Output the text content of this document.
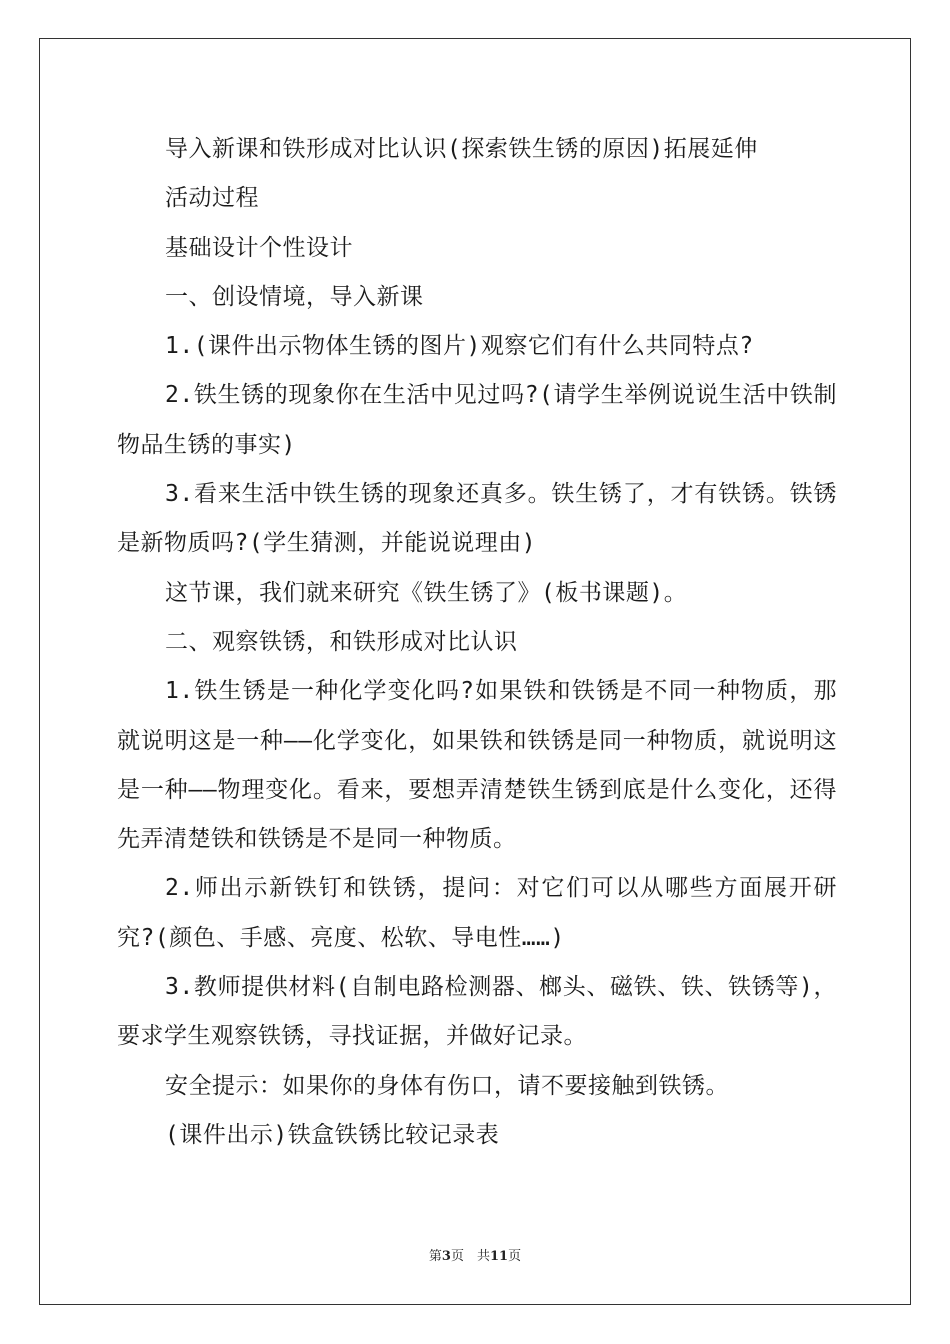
导入新课和铁形成对比认识(探索铁生锈的原因)拓展延伸

活动过程

基础设计个性设计

一、创设情境，导入新课

1.(课件出示物体生锈的图片)观察它们有什么共同特点?

2.铁生锈的现象你在生活中见过吗?(请学生举例说说生活中铁制物品生锈的事实)

3.看来生活中铁生锈的现象还真多。铁生锈了，才有铁锈。铁锈是新物质吗?(学生猜测，并能说说理由)

这节课，我们就来研究《铁生锈了》(板书课题)。

二、观察铁锈，和铁形成对比认识

1.铁生锈是一种化学变化吗?如果铁和铁锈是不同一种物质，那就说明这是一种——化学变化，如果铁和铁锈是同一种物质，就说明这是一种——物理变化。看来，要想弄清楚铁生锈到底是什么变化，还得先弄清楚铁和铁锈是不是同一种物质。

2.师出示新铁钉和铁锈，提问：对它们可以从哪些方面展开研究?(颜色、手感、亮度、松软、导电性……)

3.教师提供材料(自制电路检测器、榔头、磁铁、铁、铁锈等)，要求学生观察铁锈，寻找证据，并做好记录。

安全提示：如果你的身体有伤口，请不要接触到铁锈。

(课件出示)铁盒铁锈比较记录表

第3页　共11页
